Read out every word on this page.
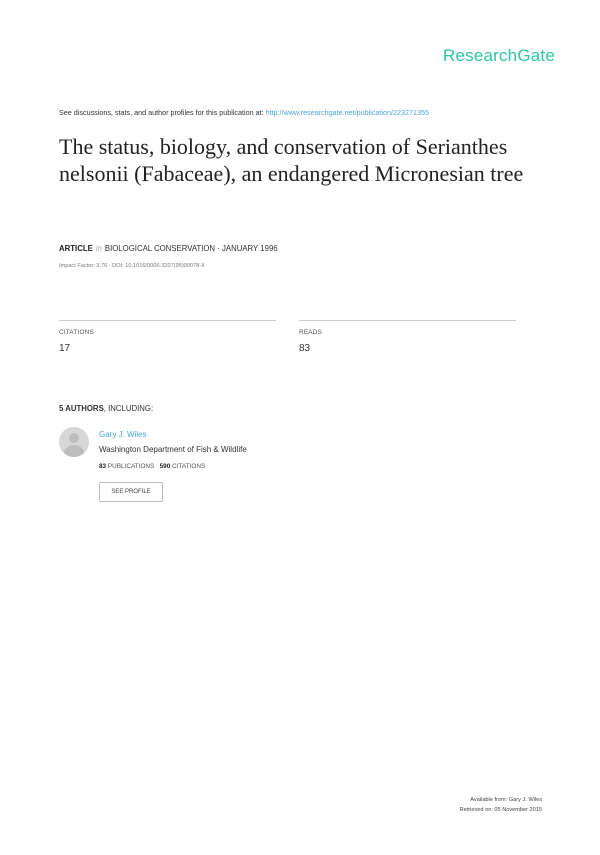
ResearchGate
See discussions, stats, and author profiles for this publication at: http://www.researchgate.net/publication/223271355
The status, biology, and conservation of Serianthes nelsonii (Fabaceae), an endangered Micronesian tree
ARTICLE in BIOLOGICAL CONSERVATION · JANUARY 1996
Impact Factor: 3.76 · DOI: 10.1016/0006-3207(95)00078-X
CITATIONS
17
READS
83
5 AUTHORS, INCLUDING:
Gary J. Wiles
Washington Department of Fish & Wildlife
83 PUBLICATIONS 590 CITATIONS
SEE PROFILE
Available from: Gary J. Wiles
Retrieved on: 05 November 2015
